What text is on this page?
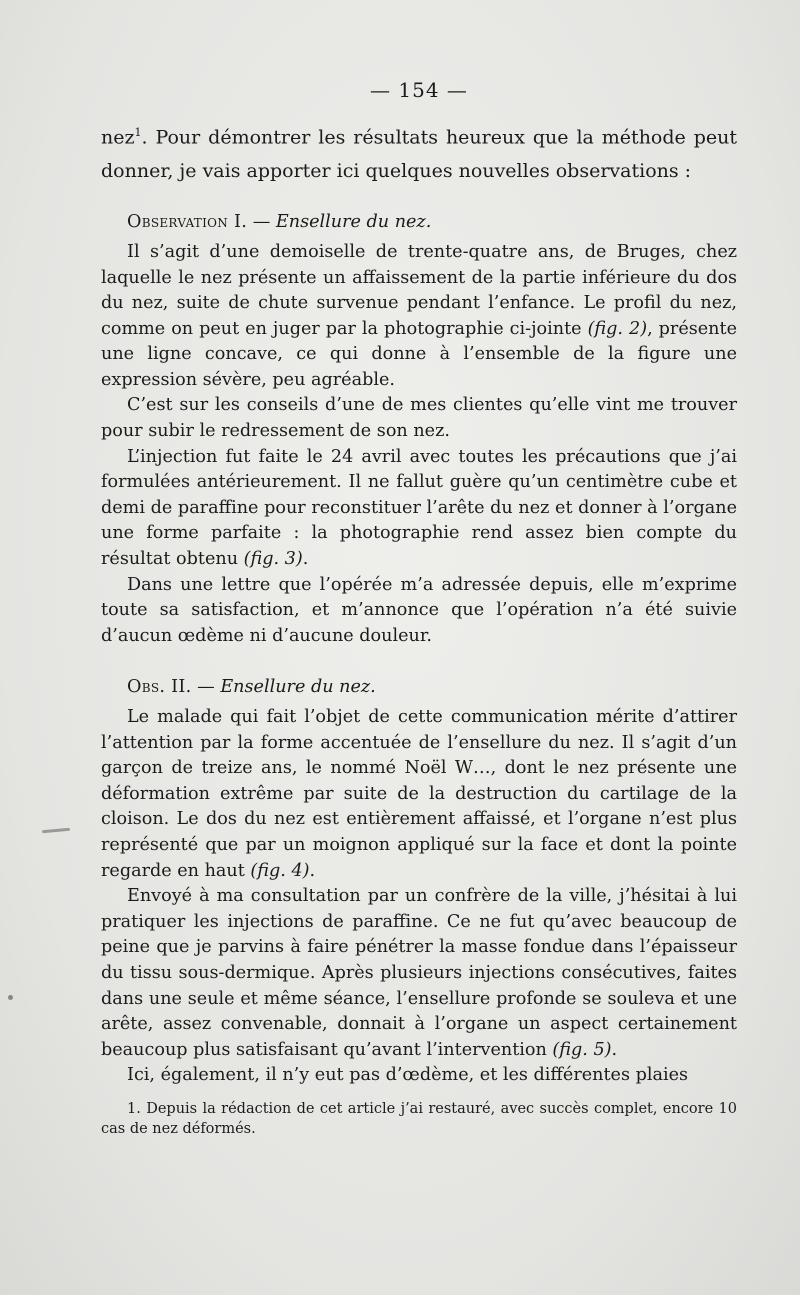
— 154 —

nez$^1$. Pour démontrer les résultats heureux que la méthode peut donner, je vais apporter ici quelques nouvelles observations :

Observation I. — Ensellure du nez.

Il s’agit d’une demoiselle de trente-quatre ans, de Bruges, chez laquelle le nez présente un affaissement de la partie inférieure du dos du nez, suite de chute survenue pendant l’enfance. Le profil du nez, comme on peut en juger par la photographie ci-jointe (fig. 2), présente une ligne concave, ce qui donne à l’ensemble de la figure une expression sévère, peu agréable.

C’est sur les conseils d’une de mes clientes qu’elle vint me trouver pour subir le redressement de son nez.

L’injection fut faite le 24 avril avec toutes les précautions que j’ai formulées antérieurement. Il ne fallut guère qu’un centimètre cube et demi de paraffine pour reconstituer l’arête du nez et donner à l’organe une forme parfaite : la photographie rend assez bien compte du résultat obtenu (fig. 3).

Dans une lettre que l’opérée m’a adressée depuis, elle m’exprime toute sa satisfaction, et m’annonce que l’opération n’a été suivie d’aucun œdème ni d’aucune douleur.

Obs. II. — Ensellure du nez.

Le malade qui fait l’objet de cette communication mérite d’attirer l’attention par la forme accentuée de l’ensellure du nez. Il s’agit d’un garçon de treize ans, le nommé Noël W…, dont le nez présente une déformation extrême par suite de la destruction du cartilage de la cloison. Le dos du nez est entièrement affaissé, et l’organe n’est plus représenté que par un moignon appliqué sur la face et dont la pointe regarde en haut (fig. 4).

Envoyé à ma consultation par un confrère de la ville, j’hésitai à lui pratiquer les injections de paraffine. Ce ne fut qu’avec beaucoup de peine que je parvins à faire pénétrer la masse fondue dans l’épaisseur du tissu sous-dermique. Après plusieurs injections consécutives, faites dans une seule et même séance, l’ensellure profonde se souleva et une arête, assez convenable, donnait à l’organe un aspect certainement beaucoup plus satisfaisant qu’avant l’intervention (fig. 5).

Ici, également, il n’y eut pas d’œdème, et les différentes plaies

1. Depuis la rédaction de cet article j’ai restauré, avec succès complet, encore 10 cas de nez déformés.
